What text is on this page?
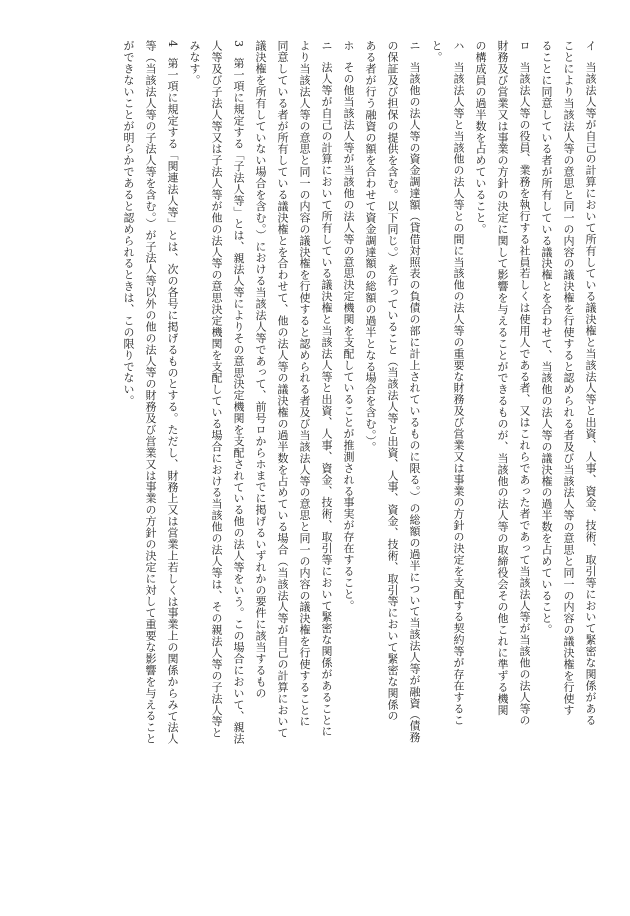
イ当該法人等が自己の計算において所有している議決権と当該法人等と出資、人事、資金、技術、取引等において緊密な関係がある
ことにより当該法人等の意思と同一の内容の議決権を行使すると認められる者及び当該法人等の意思と同一の内容の議決権を行使す
ることに同意している者が所有している議決権とを合わせて、当該他の法人等の議決権の過半数を占めていること。
ロ当該法人等の役員、業務を執行する社員若しくは使用人である者、又はこれらであった者であって当該法人等が当該他の法人等の
財務及び営業又は事業の方針の決定に関して影響を与えることができるものが、当該他の法人等の取締役会その他これに準ずる機関
の構成員の過半数を占めていること。
ハ当該法人等と当該他の法人等との間に当該他の法人等の重要な財務及び営業又は事業の方針の決定を支配する契約等が存在するこ
と。
ニ当該他の法人等の資金調達額（貸借対照表の負債の部に計上されているものに限る。）の総額の過半について当該法人等が融資（債務
の保証及び担保の提供を含む。以下同じ。）を行っていること（当該法人等と出資、人事、資金、技術、取引等において緊密な関係の
ある者が行う融資の額を合わせて資金調達額の総額の過半となる場合を含む。）。
ホその他当該法人等が当該他の法人等の意思決定機関を支配していることが推測される事実が存在すること。
ニ法人等が自己の計算において所有している議決権と当該法人等と出資、人事、資金、技術、取引等において緊密な関係があることに
より当該法人等の意思と同一の内容の議決権を行使すると認められる者及び当該法人等の意思と同一の内容の議決権を行使することに
同意している者が所有している議決権とを合わせて、他の法人等の議決権の過半数を占めている場合（当該法人等が自己の計算において
議決権を所有していない場合を含む。）における当該法人等であって、前号ロからホまでに掲げるいずれかの要件に該当するもの
3第一項に規定する「子法人等」とは、親法人等によりその意思決定機関を支配されている他の法人等をいう。この場合において、親法
人等及び子法人等又は子法人等が他の法人等の意思決定機関を支配している場合における当該他の法人等は、その親法人等の子法人等と
みなす。
4第一項に規定する「関連法人等」とは、次の各号に掲げるものとする。ただし、財務上又は営業上若しくは事業上の関係からみて法人
等（当該法人等の子法人等を含む。）が子法人等以外の他の法人等の財務及び営業又は事業の方針の決定に対して重要な影響を与えること
ができないことが明らかであると認められるときは、この限りでない。
